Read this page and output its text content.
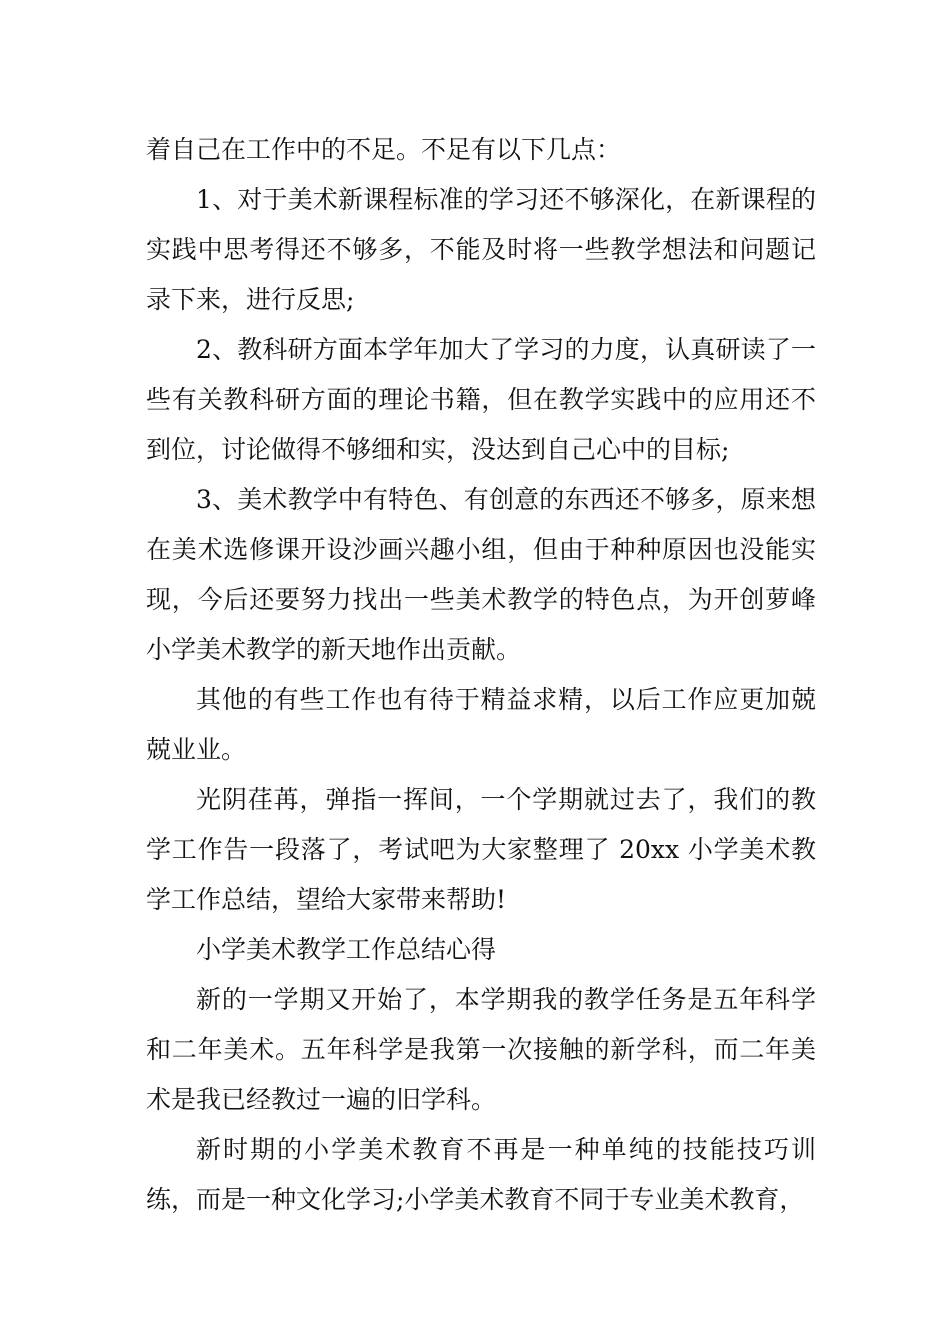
着自己在工作中的不足。不足有以下几点：

1、对于美术新课程标准的学习还不够深化，在新课程的实践中思考得还不够多，不能及时将一些教学想法和问题记录下来，进行反思;

2、教科研方面本学年加大了学习的力度，认真研读了一些有关教科研方面的理论书籍，但在教学实践中的应用还不到位，讨论做得不够细和实，没达到自己心中的目标;

3、美术教学中有特色、有创意的东西还不够多，原来想在美术选修课开设沙画兴趣小组，但由于种种原因也没能实现，今后还要努力找出一些美术教学的特色点，为开创萝峰小学美术教学的新天地作出贡献。

其他的有些工作也有待于精益求精，以后工作应更加兢兢业业。

光阴荏苒，弹指一挥间，一个学期就过去了，我们的教学工作告一段落了，考试吧为大家整理了 20xx 小学美术教学工作总结，望给大家带来帮助!

小学美术教学工作总结心得

新的一学期又开始了，本学期我的教学任务是五年科学和二年美术。五年科学是我第一次接触的新学科，而二年美术是我已经教过一遍的旧学科。

新时期的小学美术教育不再是一种单纯的技能技巧训练，而是一种文化学习;小学美术教育不同于专业美术教育，
